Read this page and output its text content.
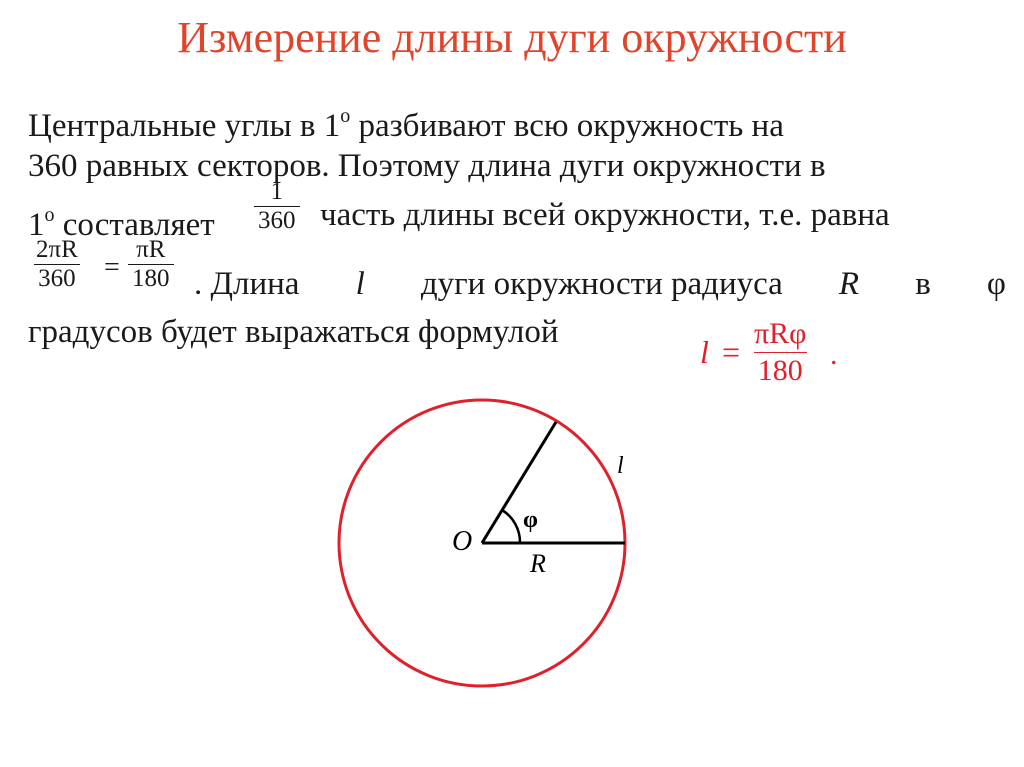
Измерение длины дуги окружности
Центральные углы в $1^о$ разбивают всю окружность на
360 равных секторов. Поэтому длина дуги окружности в
$1^о$ составляет $\frac{1}{360}$ часть длины всей окружности, т.е. равна
$\frac{2\pi R}{360} = \frac{\pi R}{180}$ . Длина l дуги окружности радиуса R в φ
градусов будет выражаться формулой
l =
πRφ
180 .
O
R
φ
l
